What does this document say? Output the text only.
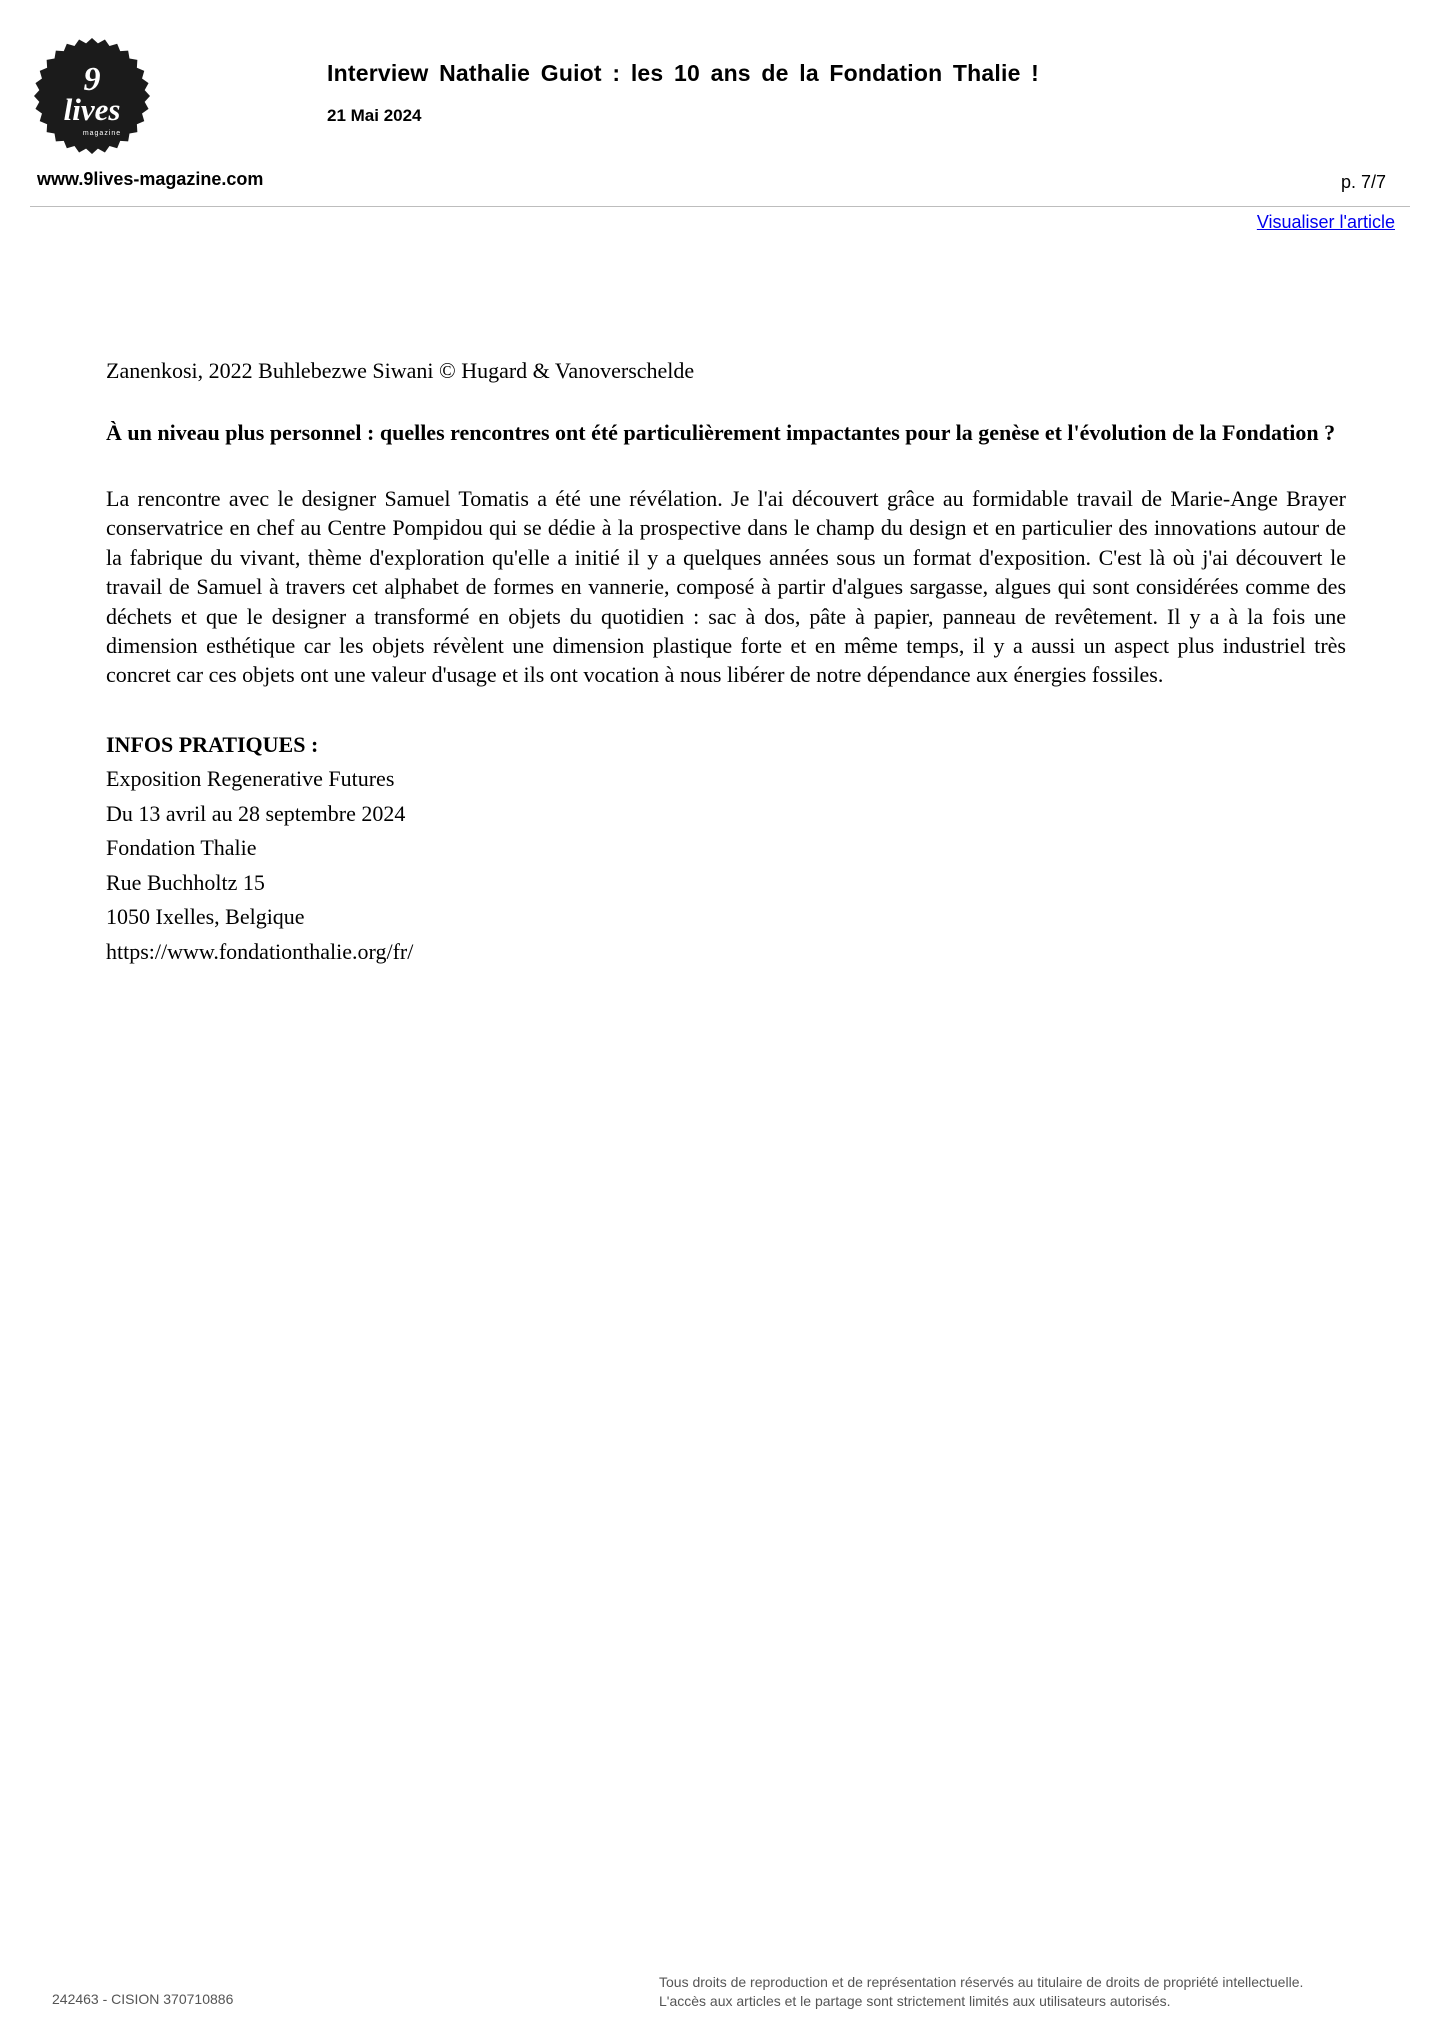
9
lives
magazine
Interview Nathalie Guiot : les 10 ans de la Fondation Thalie !
21 Mai 2024
www.9lives-magazine.com	p. 7/7
Visualiser l'article

Zanenkosi, 2022 Buhlebezwe Siwani © Hugard & Vanoverschelde

À un niveau plus personnel : quelles rencontres ont été particulièrement impactantes pour la genèse et l'évolution de la Fondation ?

La rencontre avec le designer Samuel Tomatis a été une révélation. Je l'ai découvert grâce au formidable travail de Marie-Ange Brayer conservatrice en chef au Centre Pompidou qui se dédie à la prospective dans le champ du design et en particulier des innovations autour de la fabrique du vivant, thème d'exploration qu'elle a initié il y a quelques années sous un format d'exposition. C'est là où j'ai découvert le travail de Samuel à travers cet alphabet de formes en vannerie, composé à partir d'algues sargasse, algues qui sont considérées comme des déchets et que le designer a transformé en objets du quotidien : sac à dos, pâte à papier, panneau de revêtement. Il y a à la fois une dimension esthétique car les objets révèlent une dimension plastique forte et en même temps, il y a aussi un aspect plus industriel très concret car ces objets ont une valeur d'usage et ils ont vocation à nous libérer de notre dépendance aux énergies fossiles.

INFOS PRATIQUES :
Exposition Regenerative Futures
Du 13 avril au 28 septembre 2024
Fondation Thalie
Rue Buchholtz 15
1050 Ixelles, Belgique
https://www.fondationthalie.org/fr/
242463 - CISION 370710886
Tous droits de reproduction et de représentation réservés au titulaire de droits de propriété intellectuelle.
L'accès aux articles et le partage sont strictement limités aux utilisateurs autorisés.
